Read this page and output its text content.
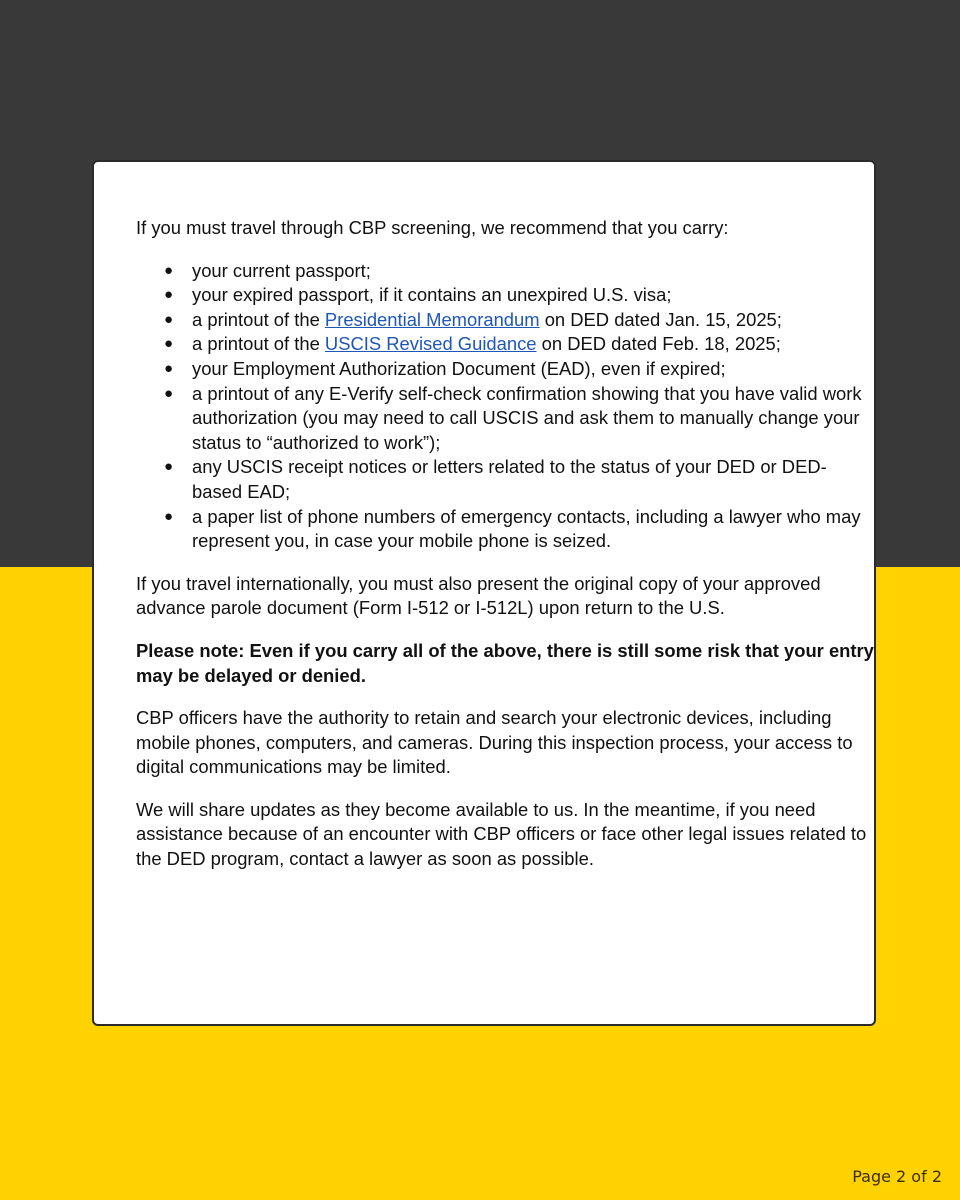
If you must travel through CBP screening, we recommend that you carry:

● your current passport;
● your expired passport, if it contains an unexpired U.S. visa;
● a printout of the Presidential Memorandum on DED dated Jan. 15, 2025;
● a printout of the USCIS Revised Guidance on DED dated Feb. 18, 2025;
● your Employment Authorization Document (EAD), even if expired;
● a printout of any E-Verify self-check confirmation showing that you have valid work authorization (you may need to call USCIS and ask them to manually change your status to “authorized to work”);
● any USCIS receipt notices or letters related to the status of your DED or DED-based EAD;
● a paper list of phone numbers of emergency contacts, including a lawyer who may represent you, in case your mobile phone is seized.

If you travel internationally, you must also present the original copy of your approved advance parole document (Form I-512 or I-512L) upon return to the U.S.

Please note: Even if you carry all of the above, there is still some risk that your entry may be delayed or denied.

CBP officers have the authority to retain and search your electronic devices, including mobile phones, computers, and cameras. During this inspection process, your access to digital communications may be limited.

We will share updates as they become available to us. In the meantime, if you need assistance because of an encounter with CBP officers or face other legal issues related to the DED program, contact a lawyer as soon as possible.

Page 2 of 2
